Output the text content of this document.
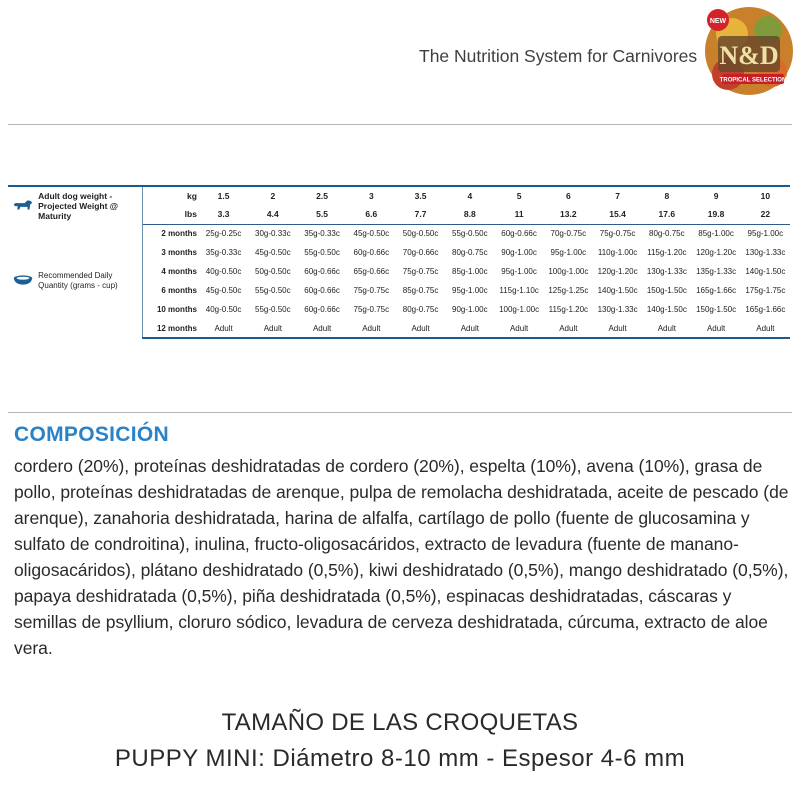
The Nutrition System for Carnivores N&D
NEW
TROPICAL SELECTION

Adult dog weight - Projected Weight @ Maturity	kg	1.5	2	2.5	3	3.5	4	5	6	7	8	9	10
		lbs	3.3	4.4	5.5	6.6	7.7	8.8	11	13.2	15.4	17.6	19.8	22

Recommended Daily Quantity (grams - cup)	2 months	25g-0.25c	30g-0.33c	35g-0.33c	45g-0.50c	50g-0.50c	55g-0.50c	60g-0.66c	70g-0.75c	75g-0.75c	80g-0.75c	85g-1.00c	95g-1.00c
		3 months	35g-0.33c	45g-0.50c	55g-0.50c	60g-0.66c	70g-0.66c	80g-0.75c	90g-1.00c	95g-1.00c	110g-1.00c	115g-1.20c	120g-1.20c	130g-1.33c
		4 months	40g-0.50c	50g-0.50c	60g-0.66c	65g-0.66c	75g-0.75c	85g-1.00c	95g-1.00c	100g-1.00c	120g-1.20c	130g-1.33c	135g-1.33c	140g-1.50c
		6 months	45g-0.50c	55g-0.50c	60g-0.66c	75g-0.75c	85g-0.75c	95g-1.00c	115g-1.10c	125g-1.25c	140g-1.50c	150g-1.50c	165g-1.66c	175g-1.75c
		10 months	40g-0.50c	55g-0.50c	60g-0.66c	75g-0.75c	80g-0.75c	90g-1.00c	100g-1.00c	115g-1.20c	130g-1.33c	140g-1.50c	150g-1.50c	165g-1.66c
		12 months	Adult	Adult	Adult	Adult	Adult	Adult	Adult	Adult	Adult	Adult	Adult	Adult
COMPOSICIÓN
cordero (20%), proteínas deshidratadas de cordero (20%), espelta (10%), avena (10%), grasa de pollo, proteínas deshidratadas de arenque, pulpa de remolacha deshidratada, aceite de pescado (de arenque), zanahoria deshidratada, harina de alfalfa, cartílago de pollo (fuente de glucosamina y sulfato de condroitina), inulina, fructo-oligosacáridos, extracto de levadura (fuente de manano-oligosacáridos), plátano deshidratado (0,5%), kiwi deshidratado (0,5%), mango deshidratado (0,5%), papaya deshidratada (0,5%), piña deshidratada (0,5%), espinacas deshidratadas, cáscaras y semillas de psyllium, cloruro sódico, levadura de cerveza deshidratada, cúrcuma, extracto de aloe vera.
TAMAÑO DE LAS CROQUETAS
PUPPY MINI: Diámetro 8-10 mm - Espesor 4-6 mm
